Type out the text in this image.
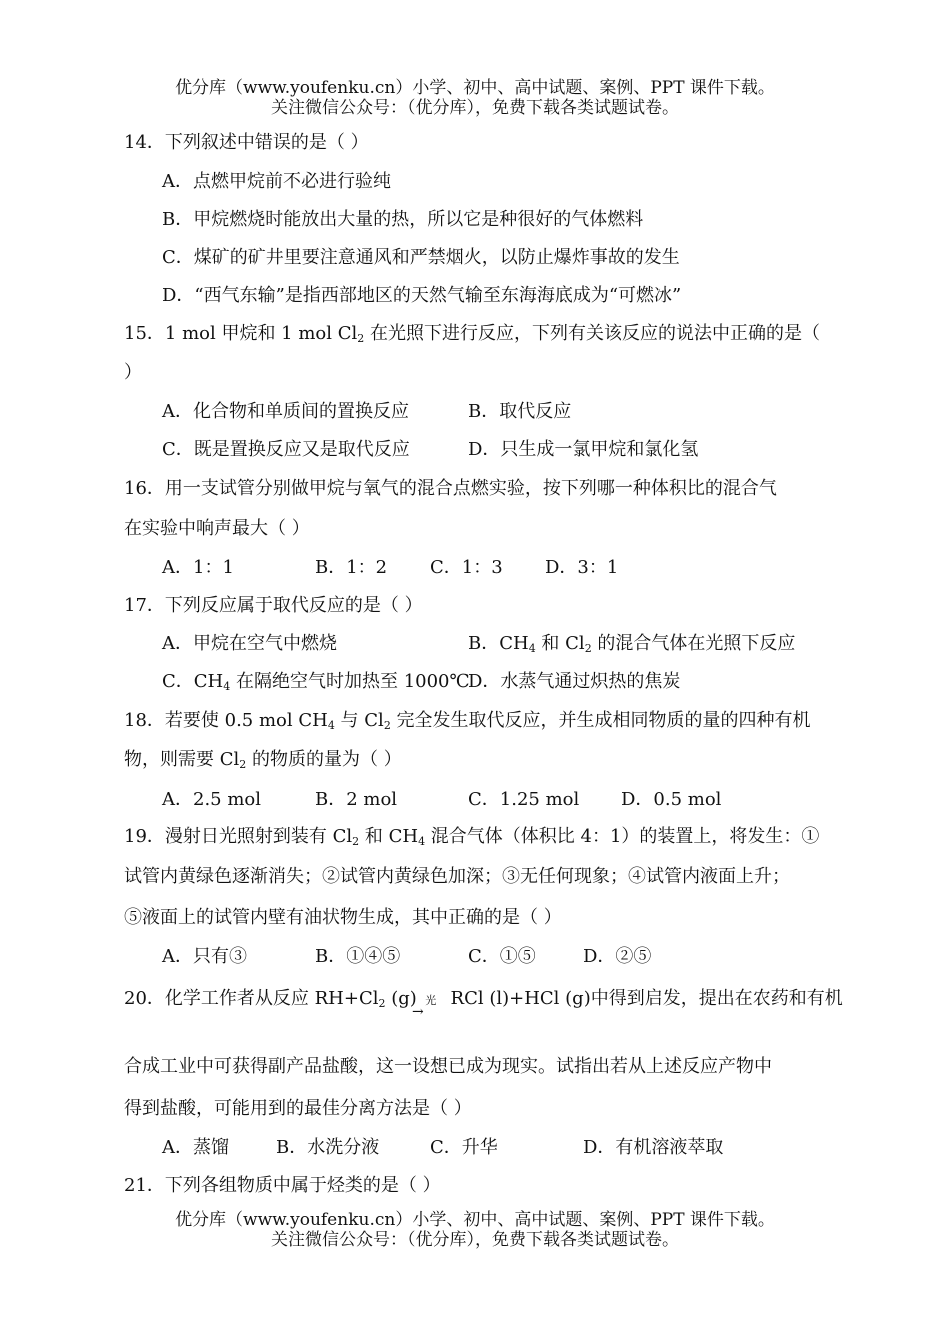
优分库（www.youfenku.cn）小学、初中、高中试题、案例、PPT 课件下载。
关注微信公众号：（优分库），免费下载各类试题试卷。
14．下列叙述中错误的是（ ）
A．点燃甲烷前不必进行验纯
B．甲烷燃烧时能放出大量的热，所以它是种很好的气体燃料
C．煤矿的矿井里要注意通风和严禁烟火，以防止爆炸事故的发生
D．“西气东输”是指西部地区的天然气输至东海海底成为“可燃冰”
15．1 mol 甲烷和 1 mol $Cl_2$ 在光照下进行反应，下列有关该反应的说法中正确的是（
）
A．化合物和单质间的置换反应	B．取代反应
C．既是置换反应又是取代反应	D．只生成一氯甲烷和氯化氢
16．用一支试管分别做甲烷与氧气的混合点燃实验，按下列哪一种体积比的混合气
在实验中响声最大（ ）
A．1：1	B．1：2 C．1：3 D．3：1
17．下列反应属于取代反应的是（ ）
A．甲烷在空气中燃烧	B．$CH_4$ 和 $Cl_2$ 的混合气体在光照下反应
C．$CH_4$ 在隔绝空气时加热至 1000℃
D．水蒸气通过炽热的焦炭
18．若要使 0.5 mol $CH_4$ 与 $Cl_2$ 完全发生取代反应，并生成相同物质的量的四种有机
物，则需要 $Cl_2$ 的物质的量为（ ）
A．2.5 mol	B．2 mol	C．1.25 mol D．0.5 mol
19．漫射日光照射到装有 $Cl_2$ 和 $CH_4$ 混合气体（体积比 4：1）的装置上，将发生：①
试管内黄绿色逐渐消失；②试管内黄绿色加深；③无任何现象；④试管内液面上升；
⑤液面上的试管内壁有油状物生成，其中正确的是（ ）
A．只有③	B．①④⑤	C．①⑤	D．②⑤
20．化学工作者从反应 $RH+Cl_2$ (g) 光 RCl (l)+HCl (g)中得到启发，提出在农药和有机
→
合成工业中可获得副产品盐酸，这一设想已成为现实。试指出若从上述反应产物中
得到盐酸，可能用到的最佳分离方法是（ ）
A．蒸馏	B．水洗分液	C．升华	D．有机溶液萃取
21．下列各组物质中属于烃类的是（ ）
优分库（www.youfenku.cn）小学、初中、高中试题、案例、PPT 课件下载。
关注微信公众号：（优分库），免费下载各类试题试卷。
